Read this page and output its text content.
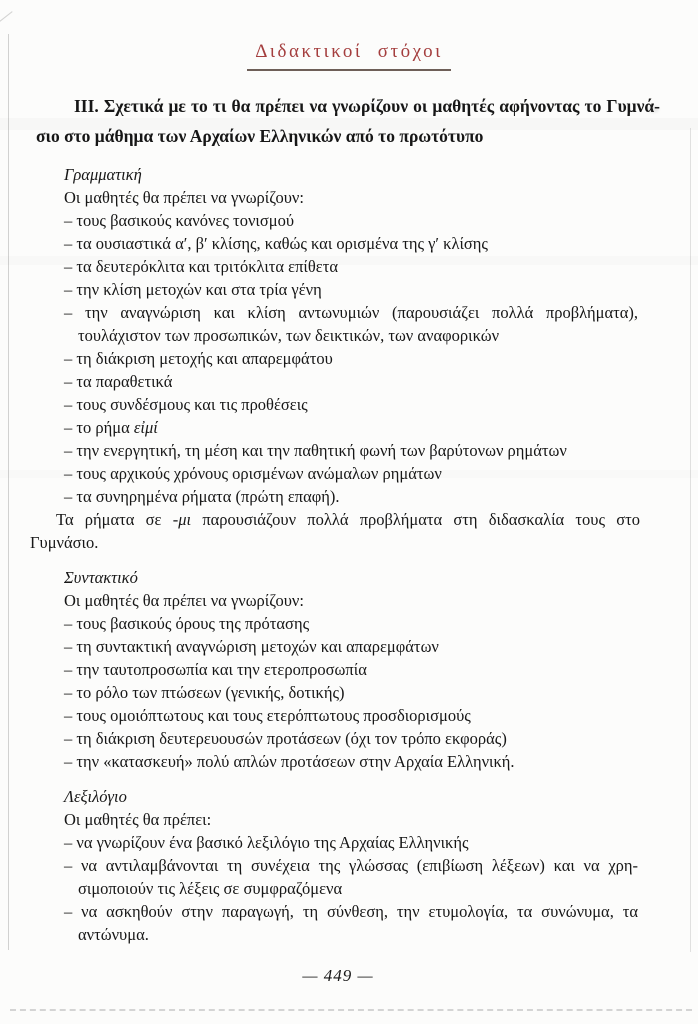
Διδακτικοί στόχοι

III. Σχετικά με το τι θα πρέπει να γνωρίζουν οι μαθητές αφήνοντας το Γυμνάσιο στο μάθημα των Αρχαίων Ελληνικών από το πρωτότυπο

Γραμματική

Οι μαθητές θα πρέπει να γνωρίζουν:

– τους βασικούς κανόνες τονισμού
– τα ουσιαστικά αʹ, βʹ κλίσης, καθώς και ορισμένα της γʹ κλίσης
– τα δευτερόκλιτα και τριτόκλιτα επίθετα
– την κλίση μετοχών και στα τρία γένη
– την αναγνώριση και κλίση αντωνυμιών (παρουσιάζει πολλά προβλήματα), τουλάχιστον των προσωπικών, των δεικτικών, των αναφορικών
– τη διάκριση μετοχής και απαρεμφάτου
– τα παραθετικά
– τους συνδέσμους και τις προθέσεις
– το ρήμα εἰμί
– την ενεργητική, τη μέση και την παθητική φωνή των βαρύτονων ρημάτων
– τους αρχικούς χρόνους ορισμένων ανώμαλων ρημάτων
– τα συνηρημένα ρήματα (πρώτη επαφή).

Τα ρήματα σε -μι παρουσιάζουν πολλά προβλήματα στη διδασκαλία τους στο Γυμνάσιο.

Συντακτικό

Οι μαθητές θα πρέπει να γνωρίζουν:

– τους βασικούς όρους της πρότασης
– τη συντακτική αναγνώριση μετοχών και απαρεμφάτων
– την ταυτοπροσωπία και την ετεροπροσωπία
– το ρόλο των πτώσεων (γενικής, δοτικής)
– τους ομοιόπτωτους και τους ετερόπτωτους προσδιορισμούς
– τη διάκριση δευτερευουσών προτάσεων (όχι τον τρόπο εκφοράς)
– την «κατασκευή» πολύ απλών προτάσεων στην Αρχαία Ελληνική.
Λεξιλόγιο

Οι μαθητές θα πρέπει:

– να γνωρίζουν ένα βασικό λεξιλόγιο της Αρχαίας Ελληνικής
– να αντιλαμβάνονται τη συνέχεια της γλώσσας (επιβίωση λέξεων) και να χρησιμοποιούν τις λέξεις σε συμφραζόμενα
– να ασκηθούν στην παραγωγή, τη σύνθεση, την ετυμολογία, τα συνώνυμα, τα αντώνυμα.
— 449 —
